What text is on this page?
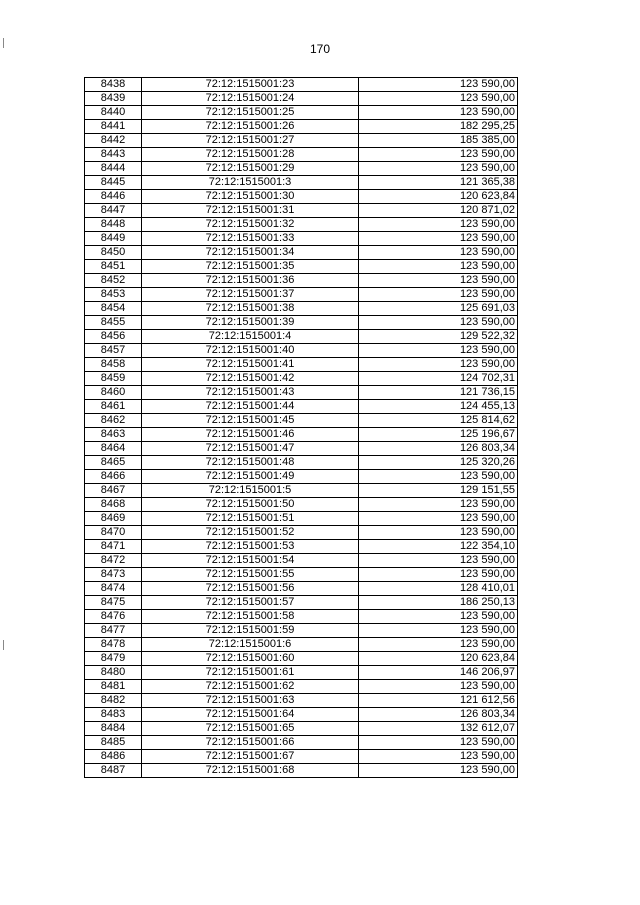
170
8438	72:12:1515001:23	123 590,00
8439	72:12:1515001:24	123 590,00
8440	72:12:1515001:25	123 590,00
8441	72:12:1515001:26	182 295,25
8442	72:12:1515001:27	185 385,00
8443	72:12:1515001:28	123 590,00
8444	72:12:1515001:29	123 590,00
8445	72:12:1515001:3	121 365,38
8446	72:12:1515001:30	120 623,84
8447	72:12:1515001:31	120 871,02
8448	72:12:1515001:32	123 590,00
8449	72:12:1515001:33	123 590,00
8450	72:12:1515001:34	123 590,00
8451	72:12:1515001:35	123 590,00
8452	72:12:1515001:36	123 590,00
8453	72:12:1515001:37	123 590,00
8454	72:12:1515001:38	125 691,03
8455	72:12:1515001:39	123 590,00
8456	72:12:1515001:4	129 522,32
8457	72:12:1515001:40	123 590,00
8458	72:12:1515001:41	123 590,00
8459	72:12:1515001:42	124 702,31
8460	72:12:1515001:43	121 736,15
8461	72:12:1515001:44	124 455,13
8462	72:12:1515001:45	125 814,62
8463	72:12:1515001:46	125 196,67
8464	72:12:1515001:47	126 803,34
8465	72:12:1515001:48	125 320,26
8466	72:12:1515001:49	123 590,00
8467	72:12:1515001:5	129 151,55
8468	72:12:1515001:50	123 590,00
8469	72:12:1515001:51	123 590,00
8470	72:12:1515001:52	123 590,00
8471	72:12:1515001:53	122 354,10
8472	72:12:1515001:54	123 590,00
8473	72:12:1515001:55	123 590,00
8474	72:12:1515001:56	128 410,01
8475	72:12:1515001:57	186 250,13
8476	72:12:1515001:58	123 590,00
8477	72:12:1515001:59	123 590,00
8478	72:12:1515001:6	123 590,00
8479	72:12:1515001:60	120 623,84
8480	72:12:1515001:61	146 206,97
8481	72:12:1515001:62	123 590,00
8482	72:12:1515001:63	121 612,56
8483	72:12:1515001:64	126 803,34
8484	72:12:1515001:65	132 612,07
8485	72:12:1515001:66	123 590,00
8486	72:12:1515001:67	123 590,00
8487	72:12:1515001:68	123 590,00
